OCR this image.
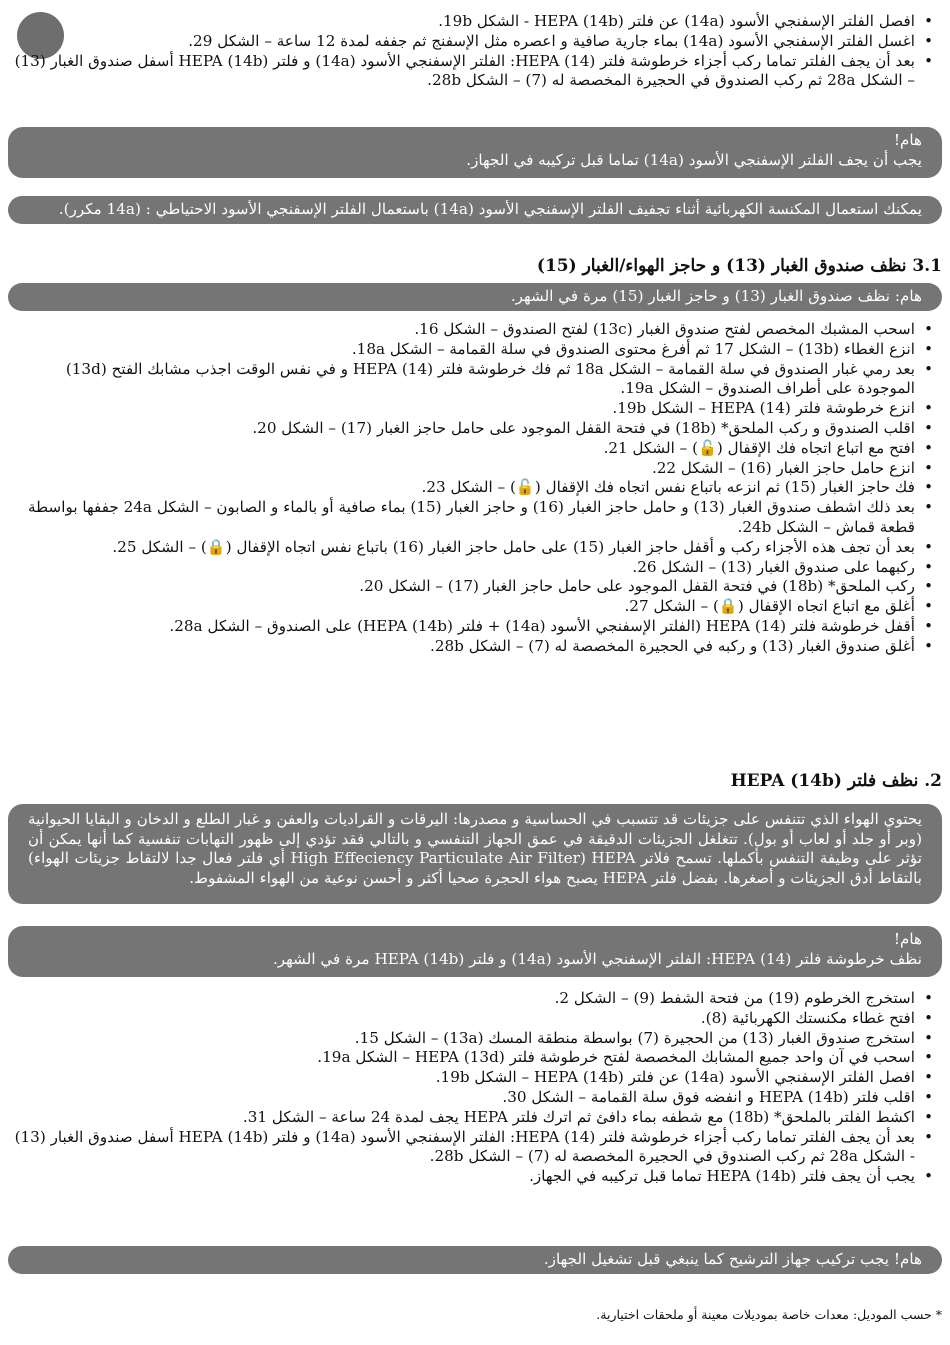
• افصل الفلتر الإسفنجي الأسود (14a) عن فلتر HEPA (14b) - الشكل 19b.
• اغسل الفلتر الإسفنجي الأسود (14a) بماء جارية صافية و اعصره مثل الإسفنج ثم جففه لمدة 12 ساعة – الشكل 29.
• بعد أن يجف الفلتر تماما ركب أجزاء خرطوشة فلتر HEPA (14): الفلتر الإسفنجي الأسود (14a) و فلتر HEPA (14b) أسفل صندوق الغبار (13) – الشكل 28a ثم ركب الصندوق في الحجيرة المخصصة له (7) – الشكل 28b.
هام!
يجب أن يجف الفلتر الإسفنجي الأسود (14a) تماما قبل تركيبه في الجهاز.
يمكنك استعمال المكنسة الكهربائية أثناء تجفيف الفلتر الإسفنجي الأسود (14a) باستعمال الفلتر الإسفنجي الأسود الاحتياطي : (14a مكرر).
3.1 نظف صندوق الغبار (13) و حاجز الهواء/الغبار (15)
هام: نظف صندوق الغبار (13) و حاجز الغبار (15) مرة في الشهر.
• اسحب المشبك المخصص لفتح صندوق الغبار (13c) لفتح الصندوق – الشكل 16.
• انزع الغطاء (13b) – الشكل 17 ثم أفرغ محتوى الصندوق في سلة القمامة – الشكل 18a.
• بعد رمي غبار الصندوق في سلة القمامة – الشكل 18a ثم فك خرطوشة فلتر HEPA (14) و في نفس الوقت اجذب مشابك الفتح (13d) الموجودة على أطراف الصندوق – الشكل 19a.
• انزع خرطوشة فلتر HEPA (14) – الشكل 19b.
• اقلب الصندوق و ركب الملحق* (18b) في فتحة القفل الموجود على حامل حاجز الغبار (17) – الشكل 20.
• افتح مع اتباع اتجاه فك الإقفال (🔓) – الشكل 21.
• انزع حامل حاجز الغبار (16) – الشكل 22.
• فك حاجز الغبار (15) ثم انزعه باتباع نفس اتجاه فك الإقفال (🔓) – الشكل 23.
• بعد ذلك اشطف صندوق الغبار (13) و حامل حاجز الغبار (16) و حاجز الغبار (15) بماء صافية أو بالماء و الصابون – الشكل 24a جففها بواسطة قطعة قماش – الشكل 24b.
• بعد أن تجف هذه الأجزاء ركب و أقفل حاجز الغبار (15) على حامل حاجز الغبار (16) باتباع نفس اتجاه الإقفال (🔒) – الشكل 25.
• ركبهما على صندوق الغبار (13) – الشكل 26.
• ركب الملحق* (18b) في فتحة القفل الموجود على حامل حاجز الغبار (17) – الشكل 20.
• أغلق مع اتباع اتجاه الإقفال (🔒) – الشكل 27.
• أقفل خرطوشة فلتر HEPA (14) (الفلتر الإسفنجي الأسود (14a) + فلتر HEPA (14b)) على الصندوق – الشكل 28a.
• أغلق صندوق الغبار (13) و ركبه في الحجيرة المخصصة له (7) – الشكل 28b.
2. نظف فلتر HEPA (14b)
يحتوي الهواء الذي تتنفس على جزيئات قد تتسبب في الحساسية و مصدرها: اليرقات و القراديات والعفن و غبار الطلع و الدخان و البقايا الحيوانية (وبر أو جلد أو لعاب أو بول). تتغلغل الجزيئات الدقيقة في عمق الجهاز التنفسي و بالتالي فقد تؤدي إلى ظهور التهابات تنفسية كما أنها يمكن أن تؤثر على وظيفة التنفس بأكملها. تسمح فلاتر HEPA (High Effeciency Particulate Air Filter أي فلتر فعال جدا لالتقاط جزيئات الهواء) بالتقاط أدق الجزيئات و أصغرها. بفضل فلتر HEPA يصبح هواء الحجرة صحيا أكثر و أحسن نوعية من الهواء المشفوط.
هام!
نظف خرطوشة فلتر HEPA (14): الفلتر الإسفنجي الأسود (14a) و فلتر HEPA (14b) مرة في الشهر.
• استخرج الخرطوم (19) من فتحة الشفط (9) – الشكل 2.
• افتح غطاء مكنستك الكهربائية (8).
• استخرج صندوق الغبار (13) من الحجيرة (7) بواسطة منطقة المسك (13a) – الشكل 15.
• اسحب في آن واحد جميع المشابك المخصصة لفتح خرطوشة فلتر HEPA (13d) – الشكل 19a.
• افصل الفلتر الإسفنجي الأسود (14a) عن فلتر HEPA (14b) – الشكل 19b.
• اقلب فلتر HEPA (14b) و انفضه فوق سلة القمامة – الشكل 30.
• اكشط الفلتر بالملحق* (18b) مع شطفه بماء دافئ ثم اترك فلتر HEPA يجف لمدة 24 ساعة – الشكل 31.
• بعد أن يجف الفلتر تماما ركب أجزاء خرطوشة فلتر HEPA (14): الفلتر الإسفنجي الأسود (14a) و فلتر HEPA (14b) أسفل صندوق الغبار (13) - الشكل 28a ثم ركب الصندوق في الحجيرة المخصصة له (7) – الشكل 28b.
• يجب أن يجف فلتر HEPA (14b) تماما قبل تركيبه في الجهاز.
هام! يجب تركيب جهاز الترشيح كما ينبغي قبل تشغيل الجهاز.
* حسب الموديل: معدات خاصة بموديلات معينة أو ملحقات اختيارية.
